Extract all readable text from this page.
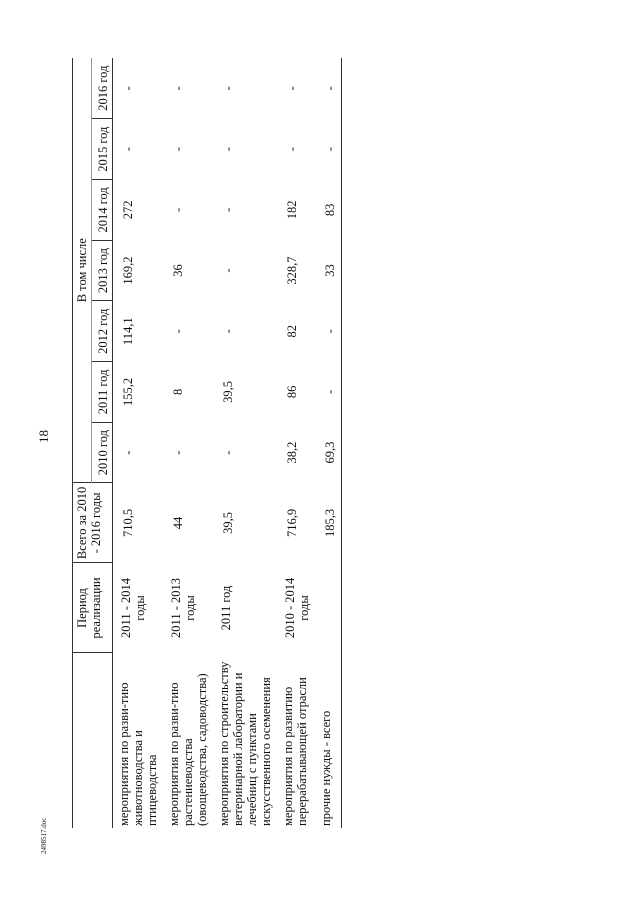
18
	Период реализации	Всего за 2010 - 2016 годы	В том числе						
			2010 год	2011 год	2012 год	2013 год	2014 год	2015 год	2016 год
мероприятия по разви-тию животноводства и птицеводства	2011 - 2014 годы	710,5	-	155,2	114,1	169,2	272	-	-
мероприятия по разви-тию растениеводства (овощеводства, садоводства)	2011 - 2013 годы	44	-	8	-	36	-	-	-
мероприятия по строительству ветеринарной лаборатории и лечебниц с пунктами искусственного осеменения	2011 год	39,5	-	39,5	-	-	-	-	-
мероприятия по развитию перерабатывающей отрасли	2010 - 2014 годы	716,9	38,2	86	82	328,7	182	-	-
прочие нужды - всего		185,3	69,3	-	-	33	83	-	-
2498517.doc
